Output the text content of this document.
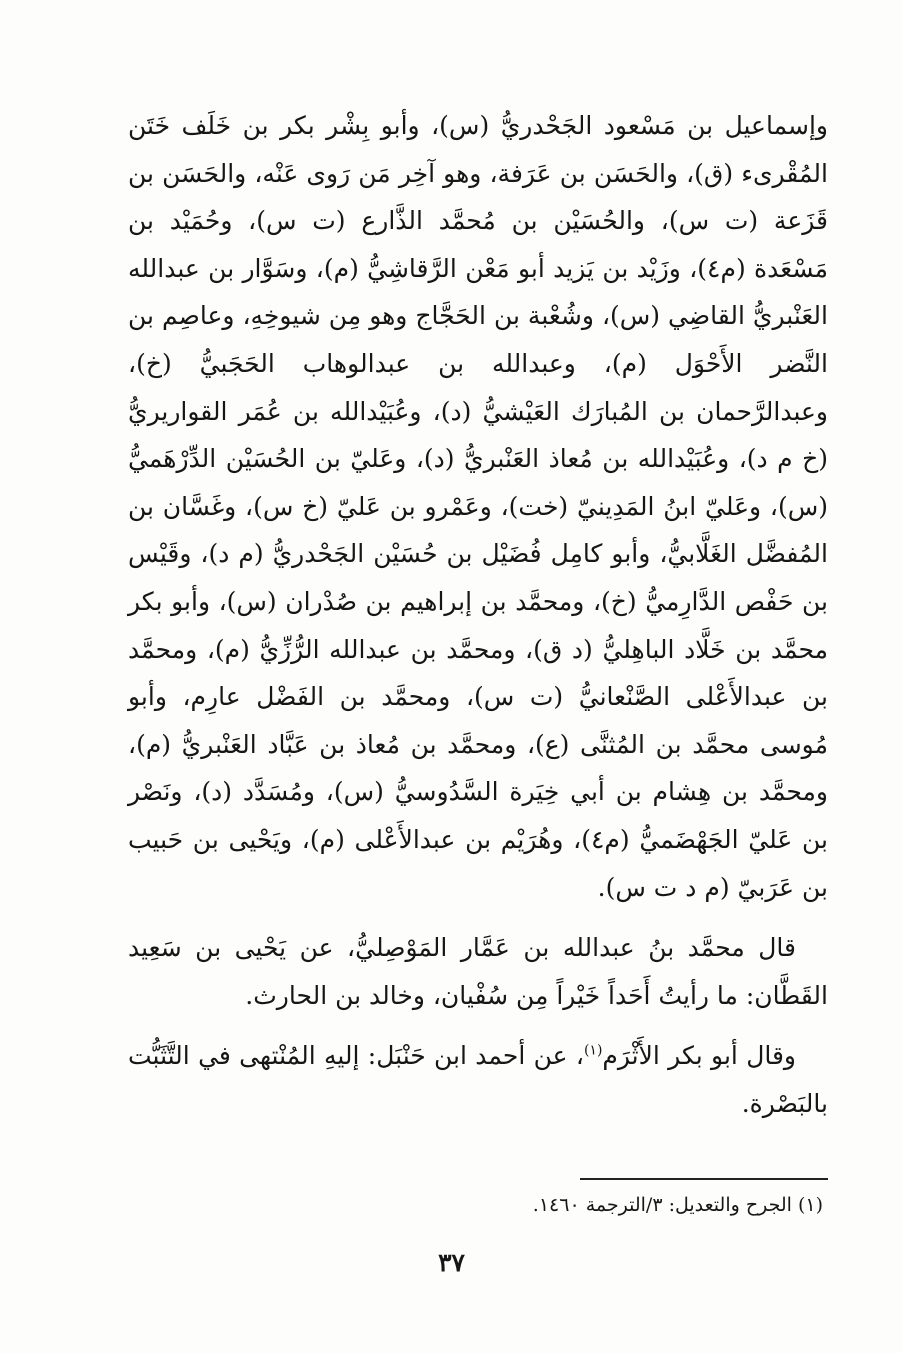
وإسماعيل بن مَسْعود الجَحْدريُّ (س)، وأبو بِشْر بكر بن خَلَف خَتَن المُقْرىء (ق)، والحَسَن بن عَرَفة، وهو آخِر مَن رَوى عَنْه، والحَسَن بن قَزَعة (ت س)، والحُسَيْن بن مُحمَّد الذَّارع (ت س)، وحُمَيْد بن مَسْعَدة (م٤)، وزَيْد بن يَزيد أبو مَعْن الرَّقاشِيُّ (م)، وسَوَّار بن عبدالله العَنْبريُّ القاضِي (س)، وشُعْبة بن الحَجَّاج وهو مِن شيوخِهِ، وعاصِم بن النَّضر الأَحْوَل (م)، وعبدالله بن عبدالوهاب الحَجَبيُّ (خ)، وعبدالرَّحمان بن المُبارَك العَيْشيُّ (د)، وعُبَيْدالله بن عُمَر القواريريُّ (خ م د)، وعُبَيْدالله بن مُعاذ العَنْبريُّ (د)، وعَليّ بن الحُسَيْن الدِّرْهَميُّ (س)، وعَليّ ابنُ المَدِينيّ (خت)، وعَمْرو بن عَليّ (خ س)، وغَسَّان بن المُفضَّل الغَلَّابيُّ، وأبو كامِل فُضَيْل بن حُسَيْن الجَحْدريُّ (م د)، وقَيْس بن حَفْص الدَّارِميُّ (خ)، ومحمَّد بن إبراهيم بن صُدْران (س)، وأبو بكر محمَّد بن خَلَّاد الباهِليُّ (د ق)، ومحمَّد بن عبدالله الرُّزِّيُّ (م)، ومحمَّد بن عبدالأَعْلى الصَّنْعانيُّ (ت س)، ومحمَّد بن الفَضْل عارِم، وأبو مُوسى محمَّد بن المُثنَّى (ع)، ومحمَّد بن مُعاذ بن عَبَّاد العَنْبريُّ (م)، ومحمَّد بن هِشام بن أبي خِيَرة السَّدُوسيُّ (س)، ومُسَدَّد (د)، ونَصْر بن عَليّ الجَهْضَميُّ (م٤)، وهُرَيْم بن عبدالأَعْلى (م)، ويَحْيى بن حَبيب بن عَرَبيّ (م د ت س).

قال محمَّد بنُ عبدالله بن عَمَّار المَوْصِليُّ، عن يَحْيى بن سَعِيد القَطَّان: ما رأيتُ أَحَداً خَيْراً مِن سُفْيان، وخالد بن الحارث.

وقال أبو بكر الأَثْرَم$^{(١)}$، عن أحمد ابن حَنْبَل: إليهِ المُنْتهى في التَّثَبُّت بالبَصْرة.

(١) الجرح والتعديل: ٣/الترجمة ١٤٦٠.
٣٧
